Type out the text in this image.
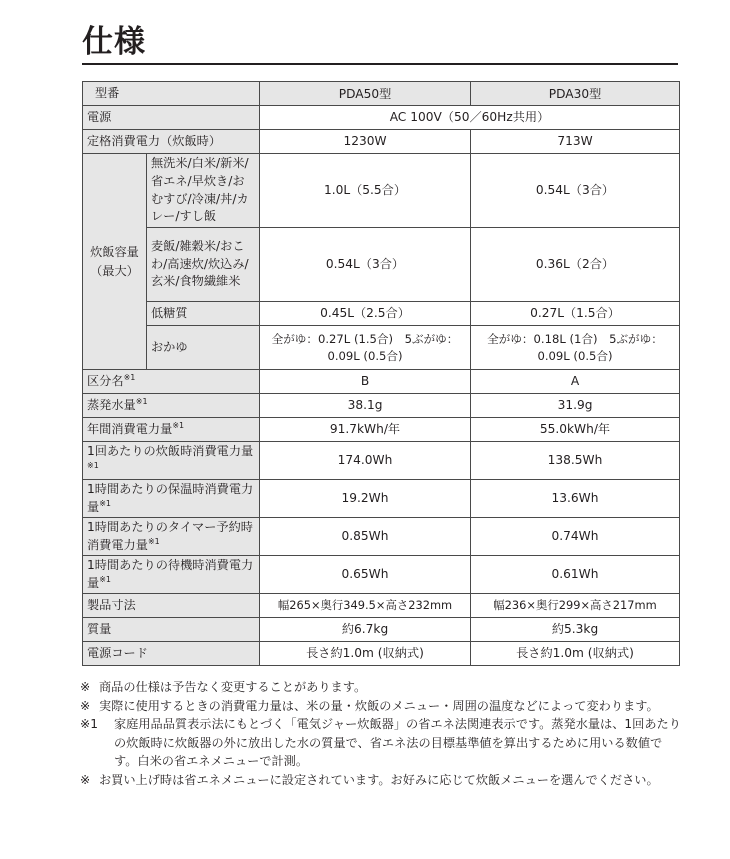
仕様
型番		PDA50型	PDA30型
電源		AC 100V（50／60Hz共用）	
定格消費電力（炊飯時）		1230W	713W
炊飯容量（最大）	無洗米/白米/新米/省エネ/早炊き/おむすび/冷凍/丼/カレー/すし飯	1.0L（5.5合）	0.54L（3合）
	麦飯/雑穀米/おこわ/高速炊/炊込み/玄米/食物繊維米	0.54L（3合）	0.36L（2合）
	低糖質	0.45L（2.5合）	0.27L（1.5合）
	おかゆ	全がゆ：0.27L (1.5合)　5ぶがゆ：0.09L (0.5合)	全がゆ：0.18L (1合)　5ぶがゆ：0.09L (0.5合)
区分名$^{※1}$		B	A
蒸発水量$^{※1}$		38.1g	31.9g
年間消費電力量$^{※1}$		91.7kWh/年	55.0kWh/年
1回あたりの炊飯時消費電力量$^{※1}$		174.0Wh	138.5Wh
1時間あたりの保温時消費電力量$^{※1}$		19.2Wh	13.6Wh
1時間あたりのタイマー予約時消費電力量$^{※1}$		0.85Wh	0.74Wh
1時間あたりの待機時消費電力量$^{※1}$		0.65Wh	0.61Wh
製品寸法		幅265×奥行349.5×高さ232mm	幅236×奥行299×高さ217mm
質量		約6.7kg	約5.3kg
電源コード		長さ約1.0m (収納式)	長さ約1.0m (収納式)
※ 商品の仕様は予告なく変更することがあります。
※ 実際に使用するときの消費電力量は、米の量・炊飯のメニュー・周囲の温度などによって変わります。
※1 家庭用品品質表示法にもとづく「電気ジャー炊飯器」の省エネ法関連表示です。蒸発水量は、1回あたりの炊飯時に炊飯器の外に放出した水の質量で、省エネ法の目標基準値を算出するために用いる数値です。白米の省エネメニューで計測。
※ お買い上げ時は省エネメニューに設定されています。お好みに応じて炊飯メニューを選んでください。
